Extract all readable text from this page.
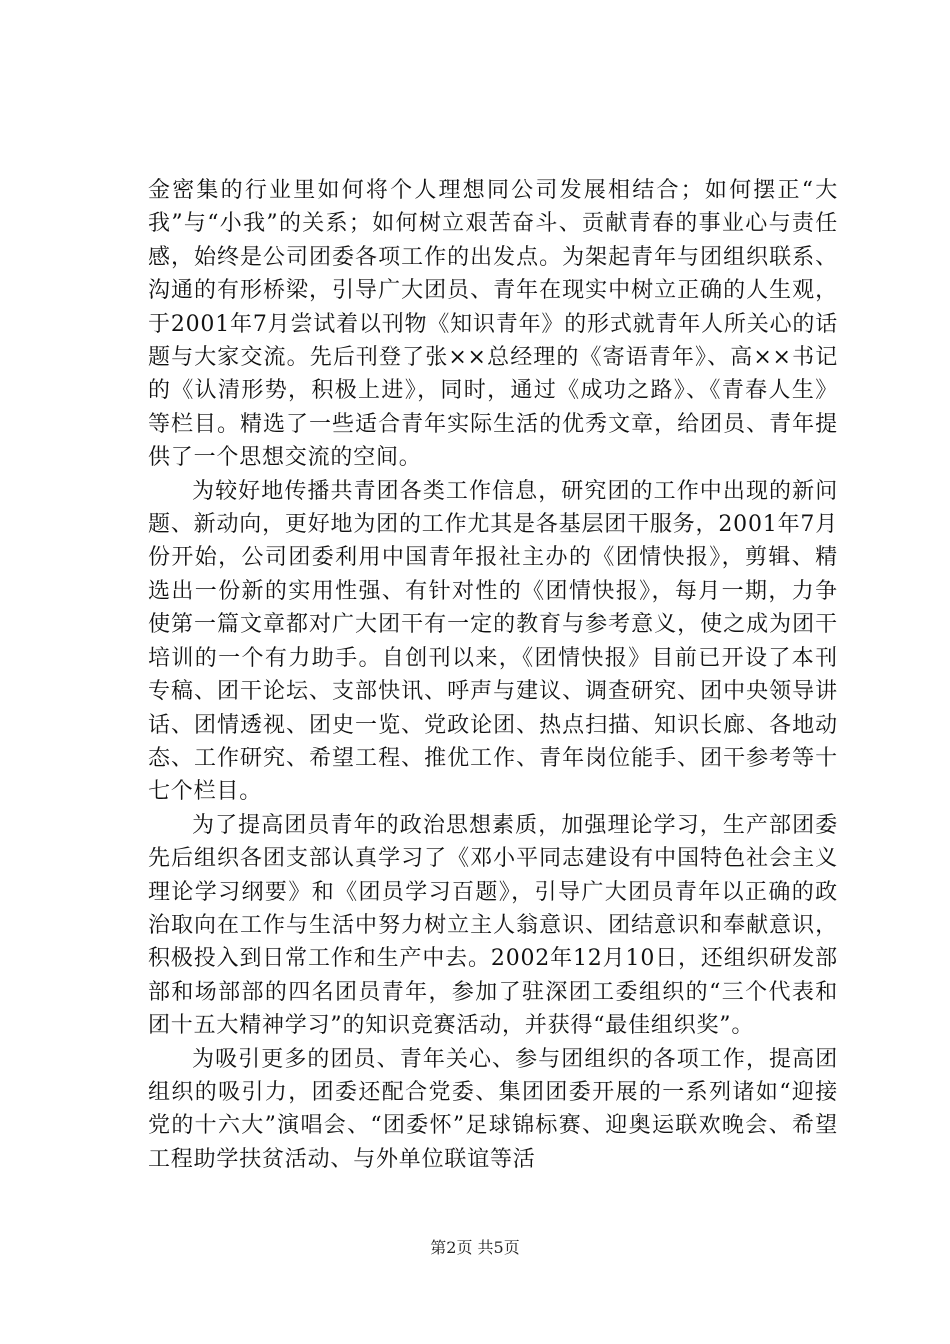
金密集的行业里如何将个人理想同公司发展相结合；如何摆正“大我”与“小我”的关系；如何树立艰苦奋斗、贡献青春的事业心与责任感，始终是公司团委各项工作的出发点。为架起青年与团组织联系、沟通的有形桥梁，引导广大团员、青年在现实中树立正确的人生观，于2001年7月尝试着以刊物《知识青年》的形式就青年人所关心的话题与大家交流。先后刊登了张××总经理的《寄语青年》、高××书记的《认清形势，积极上进》，同时，通过《成功之路》、《青春人生》等栏目。精选了一些适合青年实际生活的优秀文章，给团员、青年提供了一个思想交流的空间。

为较好地传播共青团各类工作信息，研究团的工作中出现的新问题、新动向，更好地为团的工作尤其是各基层团干服务，2001年7月份开始，公司团委利用中国青年报社主办的《团情快报》，剪辑、精选出一份新的实用性强、有针对性的《团情快报》，每月一期，力争使第一篇文章都对广大团干有一定的教育与参考意义，使之成为团干培训的一个有力助手。自创刊以来，《团情快报》目前已开设了本刊专稿、团干论坛、支部快讯、呼声与建议、调查研究、团中央领导讲话、团情透视、团史一览、党政论团、热点扫描、知识长廊、各地动态、工作研究、希望工程、推优工作、青年岗位能手、团干参考等十七个栏目。

为了提高团员青年的政治思想素质，加强理论学习，生产部团委先后组织各团支部认真学习了《邓小平同志建设有中国特色社会主义理论学习纲要》和《团员学习百题》，引导广大团员青年以正确的政治取向在工作与生活中努力树立主人翁意识、团结意识和奉献意识，积极投入到日常工作和生产中去。2002年12月10日，还组织研发部部和场部部的四名团员青年，参加了驻深团工委组织的“三个代表和团十五大精神学习”的知识竞赛活动，并获得“最佳组织奖”。

为吸引更多的团员、青年关心、参与团组织的各项工作，提高团组织的吸引力，团委还配合党委、集团团委开展的一系列诸如“迎接党的十六大”演唱会、“团委怀”足球锦标赛、迎奥运联欢晚会、希望工程助学扶贫活动、与外单位联谊等活

第2页 共5页
